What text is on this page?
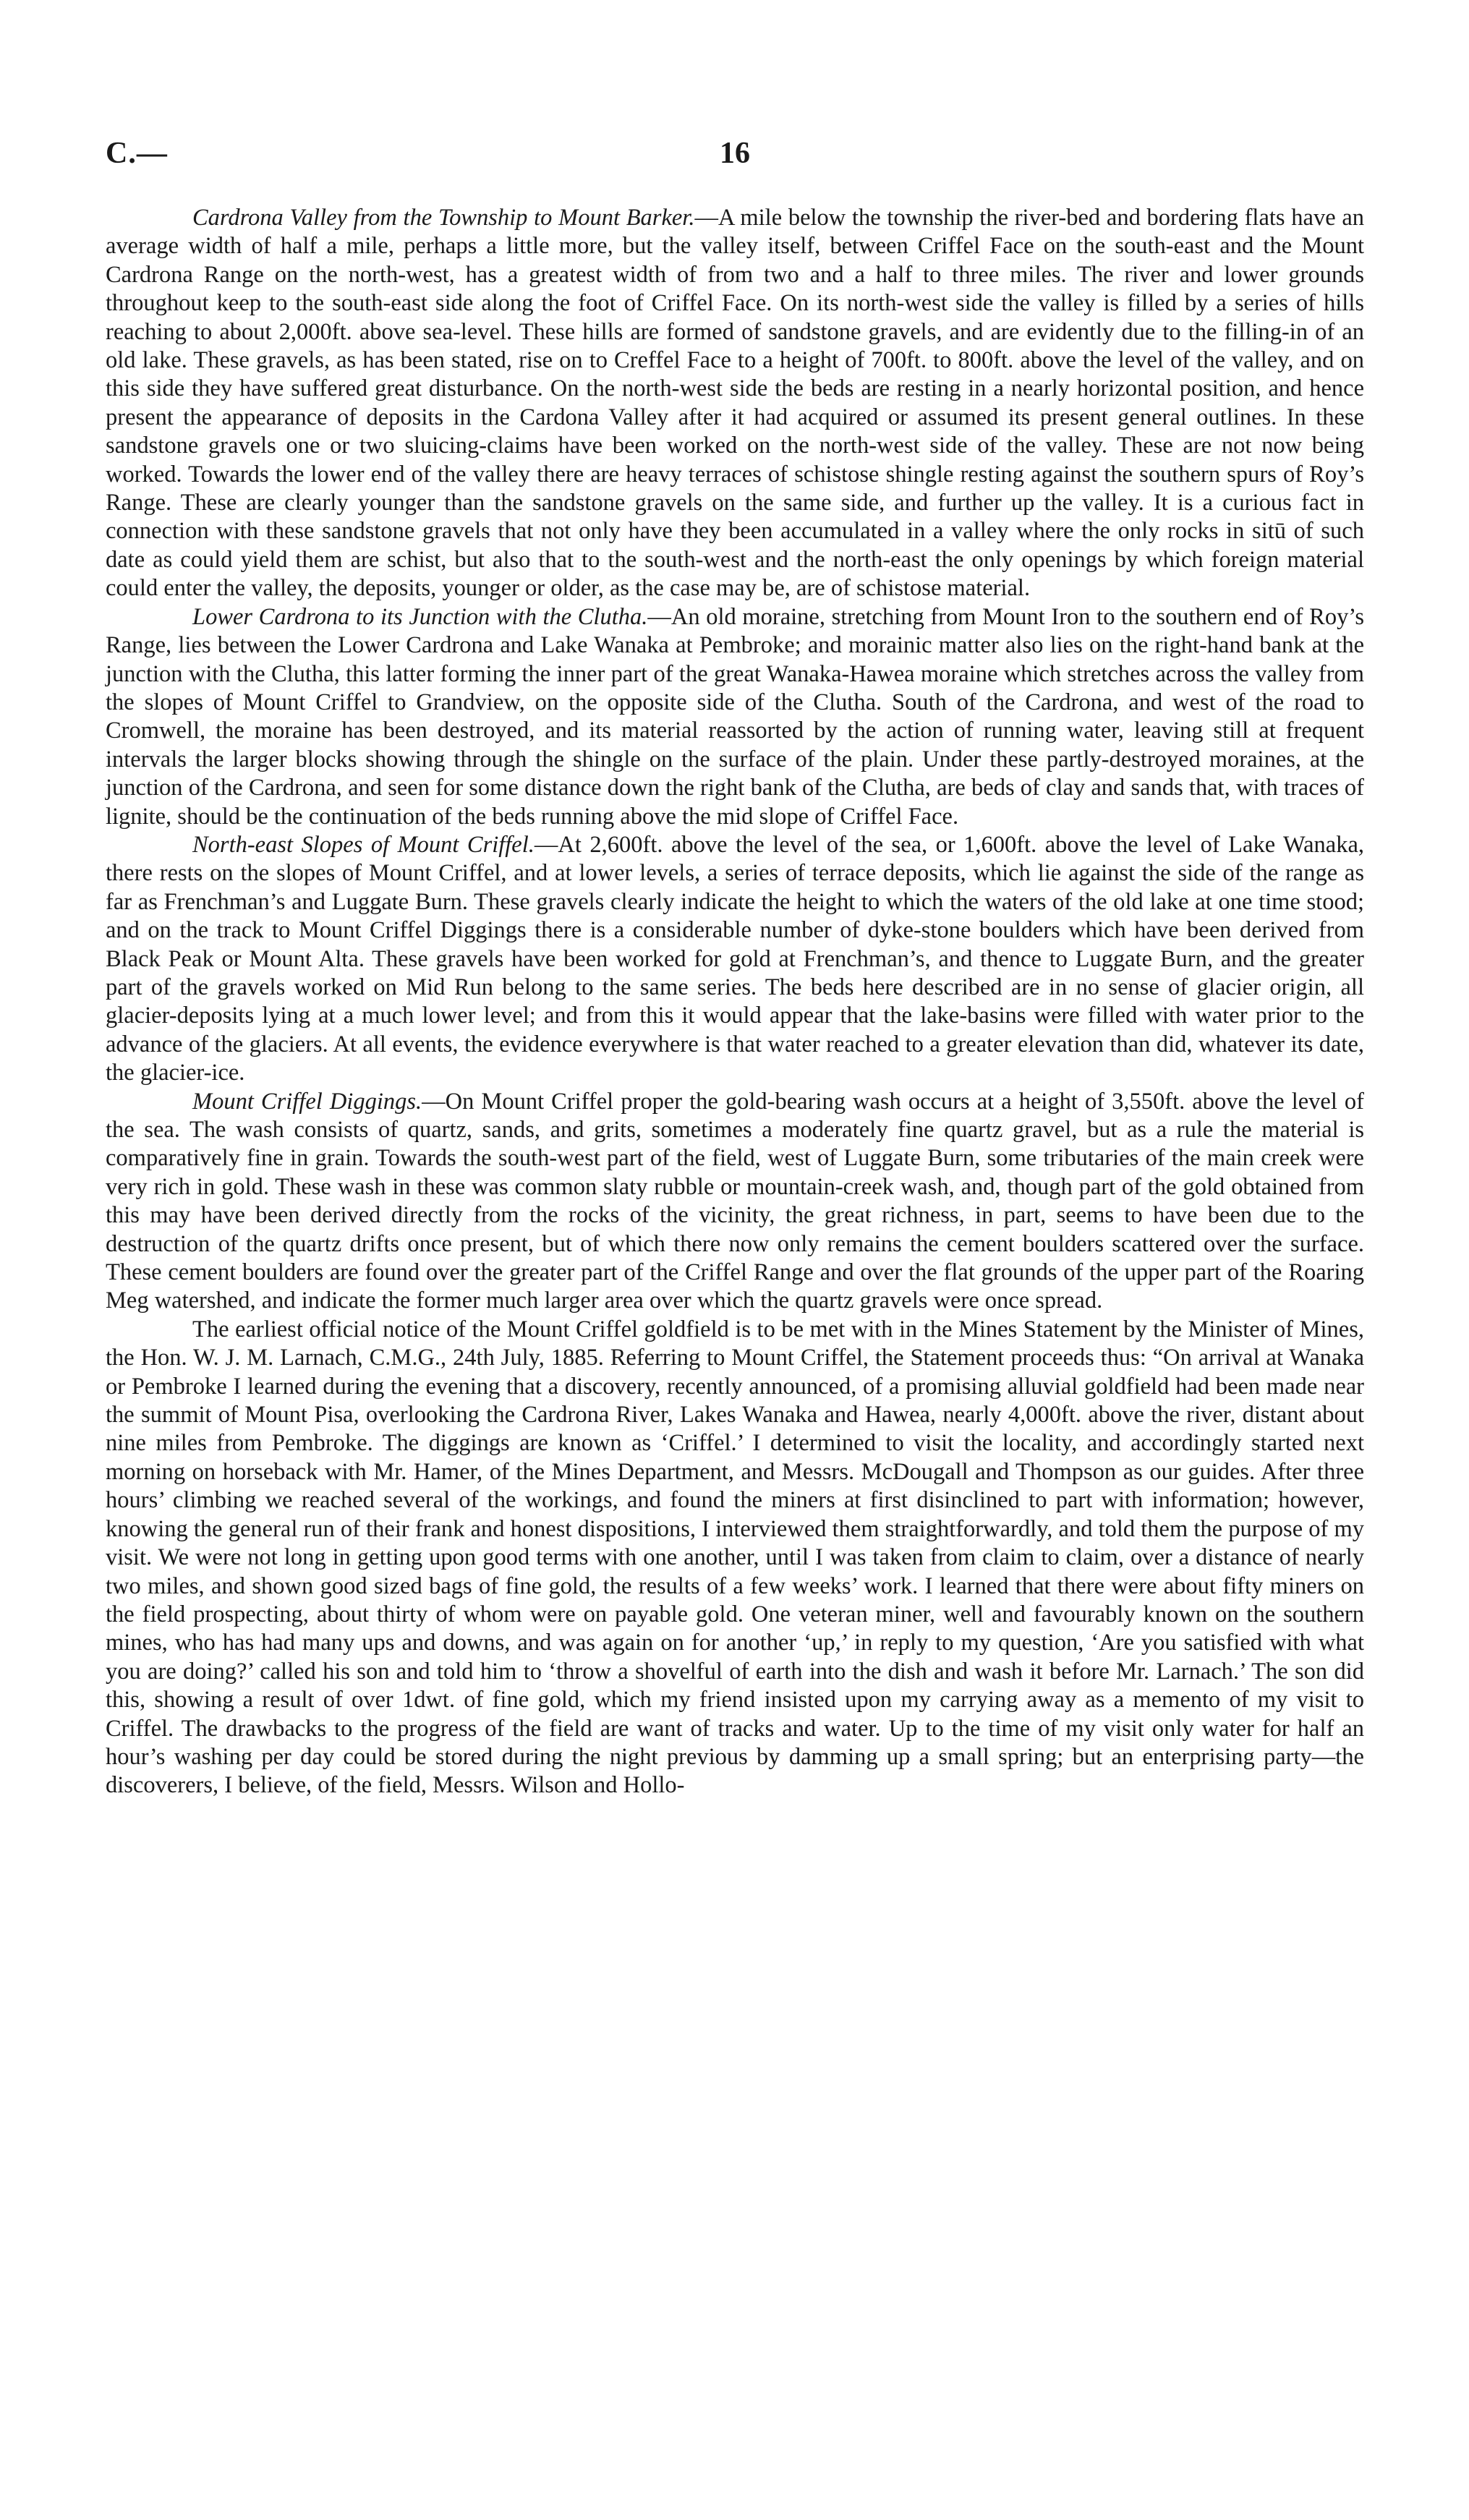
C.—	16

Cardrona Valley from the Township to Mount Barker.—A mile below the township the river-bed and bordering flats have an average width of half a mile, perhaps a little more, but the valley itself, between Criffel Face on the south-east and the Mount Cardrona Range on the north-west, has a greatest width of from two and a half to three miles. The river and lower grounds throughout keep to the south-east side along the foot of Criffel Face. On its north-west side the valley is filled by a series of hills reaching to about 2,000ft. above sea-level. These hills are formed of sandstone gravels, and are evidently due to the filling-in of an old lake. These gravels, as has been stated, rise on to Creffel Face to a height of 700ft. to 800ft. above the level of the valley, and on this side they have suffered great disturbance. On the north-west side the beds are resting in a nearly horizontal position, and hence present the appearance of deposits in the Cardona Valley after it had acquired or assumed its present general outlines. In these sandstone gravels one or two sluicing-claims have been worked on the north-west side of the valley. These are not now being worked. Towards the lower end of the valley there are heavy terraces of schistose shingle resting against the southern spurs of Roy’s Range. These are clearly younger than the sandstone gravels on the same side, and further up the valley. It is a curious fact in connection with these sandstone gravels that not only have they been accumulated in a valley where the only rocks in sitū of such date as could yield them are schist, but also that to the south-west and the north-east the only openings by which foreign material could enter the valley, the deposits, younger or older, as the case may be, are of schistose material.

Lower Cardrona to its Junction with the Clutha.—An old moraine, stretching from Mount Iron to the southern end of Roy’s Range, lies between the Lower Cardrona and Lake Wanaka at Pembroke; and morainic matter also lies on the right-hand bank at the junction with the Clutha, this latter forming the inner part of the great Wanaka-Hawea moraine which stretches across the valley from the slopes of Mount Criffel to Grandview, on the opposite side of the Clutha. South of the Cardrona, and west of the road to Cromwell, the moraine has been destroyed, and its material reassorted by the action of running water, leaving still at frequent intervals the larger blocks showing through the shingle on the surface of the plain. Under these partly-destroyed moraines, at the junction of the Cardrona, and seen for some distance down the right bank of the Clutha, are beds of clay and sands that, with traces of lignite, should be the continuation of the beds running above the mid slope of Criffel Face.

North-east Slopes of Mount Criffel.—At 2,600ft. above the level of the sea, or 1,600ft. above the level of Lake Wanaka, there rests on the slopes of Mount Criffel, and at lower levels, a series of terrace deposits, which lie against the side of the range as far as Frenchman’s and Luggate Burn. These gravels clearly indicate the height to which the waters of the old lake at one time stood; and on the track to Mount Criffel Diggings there is a considerable number of dyke-stone boulders which have been derived from Black Peak or Mount Alta. These gravels have been worked for gold at Frenchman’s, and thence to Luggate Burn, and the greater part of the gravels worked on Mid Run belong to the same series. The beds here described are in no sense of glacier origin, all glacier-deposits lying at a much lower level; and from this it would appear that the lake-basins were filled with water prior to the advance of the glaciers. At all events, the evidence everywhere is that water reached to a greater elevation than did, whatever its date, the glacier-ice.

Mount Criffel Diggings.—On Mount Criffel proper the gold-bearing wash occurs at a height of 3,550ft. above the level of the sea. The wash consists of quartz, sands, and grits, sometimes a moderately fine quartz gravel, but as a rule the material is comparatively fine in grain. Towards the south-west part of the field, west of Luggate Burn, some tributaries of the main creek were very rich in gold. These wash in these was common slaty rubble or mountain-creek wash, and, though part of the gold obtained from this may have been derived directly from the rocks of the vicinity, the great richness, in part, seems to have been due to the destruction of the quartz drifts once present, but of which there now only remains the cement boulders scattered over the surface. These cement boulders are found over the greater part of the Criffel Range and over the flat grounds of the upper part of the Roaring Meg watershed, and indicate the former much larger area over which the quartz gravels were once spread.

The earliest official notice of the Mount Criffel goldfield is to be met with in the Mines Statement by the Minister of Mines, the Hon. W. J. M. Larnach, C.M.G., 24th July, 1885. Referring to Mount Criffel, the Statement proceeds thus: “On arrival at Wanaka or Pembroke I learned during the evening that a discovery, recently announced, of a promising alluvial goldfield had been made near the summit of Mount Pisa, overlooking the Cardrona River, Lakes Wanaka and Hawea, nearly 4,000ft. above the river, distant about nine miles from Pembroke. The diggings are known as ‘Criffel.’ I determined to visit the locality, and accordingly started next morning on horseback with Mr. Hamer, of the Mines Department, and Messrs. McDougall and Thompson as our guides. After three hours’ climbing we reached several of the workings, and found the miners at first disinclined to part with information; however, knowing the general run of their frank and honest dispositions, I interviewed them straightforwardly, and told them the purpose of my visit. We were not long in getting upon good terms with one another, until I was taken from claim to claim, over a distance of nearly two miles, and shown good sized bags of fine gold, the results of a few weeks’ work. I learned that there were about fifty miners on the field prospecting, about thirty of whom were on payable gold. One veteran miner, well and favourably known on the southern mines, who has had many ups and downs, and was again on for another ‘up,’ in reply to my question, ‘Are you satisfied with what you are doing?’ called his son and told him to ‘throw a shovelful of earth into the dish and wash it before Mr. Larnach.’ The son did this, showing a result of over 1dwt. of fine gold, which my friend insisted upon my carrying away as a memento of my visit to Criffel. The drawbacks to the progress of the field are want of tracks and water. Up to the time of my visit only water for half an hour’s washing per day could be stored during the night previous by damming up a small spring; but an enterprising party—the discoverers, I believe, of the field, Messrs. Wilson and Hollo-
